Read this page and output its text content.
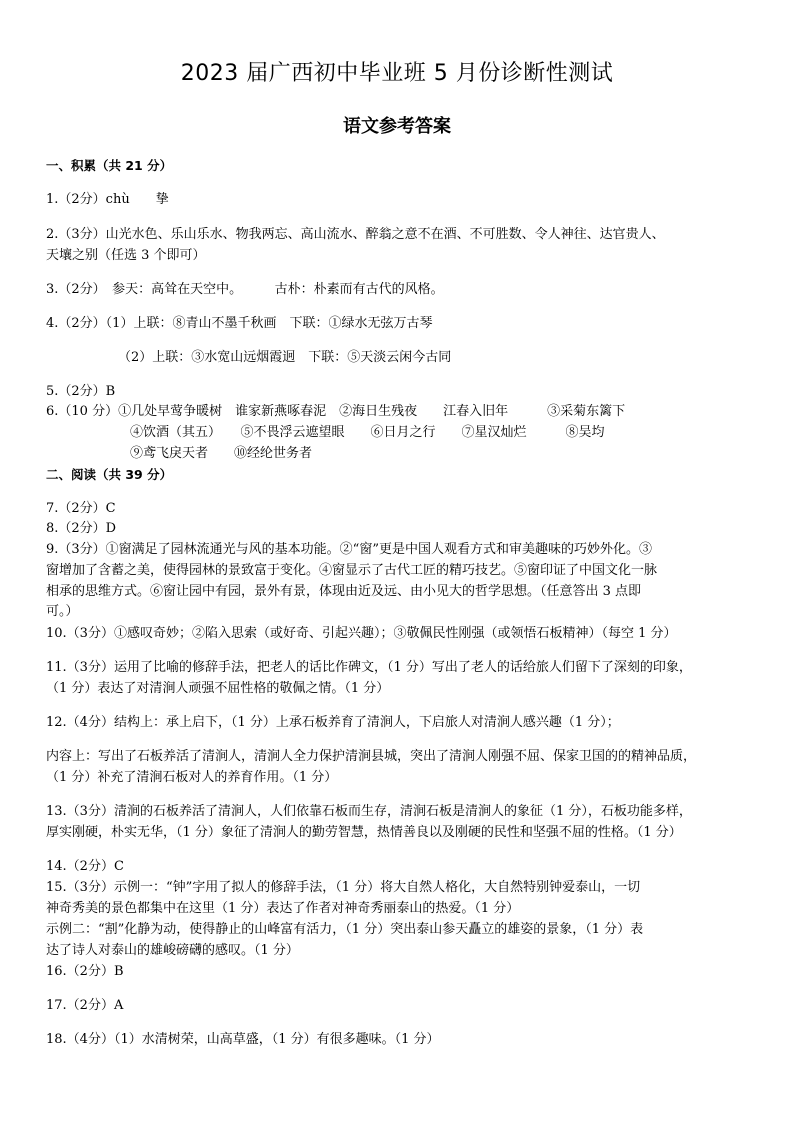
2023 届广西初中毕业班 5 月份诊断性测试
语文参考答案
一、积累（共 21 分）
1.（2分）chù　　挚
2.（3分）山光水色、乐山乐水、物我两忘、高山流水、醉翁之意不在酒、不可胜数、令人神往、达官贵人、
天壤之别（任选 3 个即可）
3.（2分）　参天：高耸在天空中。　　　古朴：朴素而有古代的风格。
4.（2分）（1）上联：⑧青山不墨千秋画　下联：①绿水无弦万古琴
（2）上联：③水宽山远烟霞迥　下联：⑤天淡云闲今古同
5.（2分）B
6.（10 分）①几处早莺争暖树　谁家新燕啄春泥　②海日生残夜　　江春入旧年　　　③采菊东篱下
④饮酒（其五）　　⑤不畏浮云遮望眼　　⑥日月之行　　⑦星汉灿烂　　　⑧吴均
⑨鸢飞戾天者　　⑩经纶世务者
二、阅读（共 39 分）
7.（2分）C
8.（2分）D
9.（3分）①窗满足了园林流通光与风的基本功能。②“窗”更是中国人观看方式和审美趣味的巧妙外化。③
窗增加了含蓄之美，使得园林的景致富于变化。④窗显示了古代工匠的精巧技艺。⑤窗印证了中国文化一脉
相承的思维方式。⑥窗让园中有园，景外有景，体现由近及远、由小见大的哲学思想。（任意答出 3 点即
可。）
10.（3分）①感叹奇妙；②陷入思索（或好奇、引起兴趣）；③敬佩民性刚强（或领悟石板精神）（每空 1 分）
11.（3分）运用了比喻的修辞手法，把老人的话比作碑文，（1 分）写出了老人的话给旅人们留下了深刻的印象，
（1 分）表达了对清涧人顽强不屈性格的敬佩之情。（1 分）
12.（4分）结构上：承上启下，（1 分）上承石板养育了清涧人，下启旅人对清涧人感兴趣（1 分）；
内容上：写出了石板养活了清涧人，清涧人全力保护清涧县城，突出了清涧人刚强不屈、保家卫国的的精神品质，
（1 分）补充了清涧石板对人的养育作用。（1 分）
13.（3分）清涧的石板养活了清涧人，人们依靠石板而生存，清涧石板是清涧人的象征（1 分），石板功能多样，
厚实刚硬，朴实无华，（1 分）象征了清涧人的勤劳智慧，热情善良以及刚硬的民性和坚强不屈的性格。（1 分）
14.（2分）C
15.（3分）示例一：“钟”字用了拟人的修辞手法，（1 分）将大自然人格化，大自然特别钟爱泰山，一切
神奇秀美的景色都集中在这里（1 分）表达了作者对神奇秀丽泰山的热爱。（1 分）
示例二：“割”化静为动，使得静止的山峰富有活力，（1 分）突出泰山参天矗立的雄姿的景象，（1 分）表
达了诗人对泰山的雄峻磅礴的感叹。（1 分）
16.（2分）B
17.（2分）A
18.（4分）（1）水清树荣，山高草盛，（1 分）有很多趣味。（1 分）
